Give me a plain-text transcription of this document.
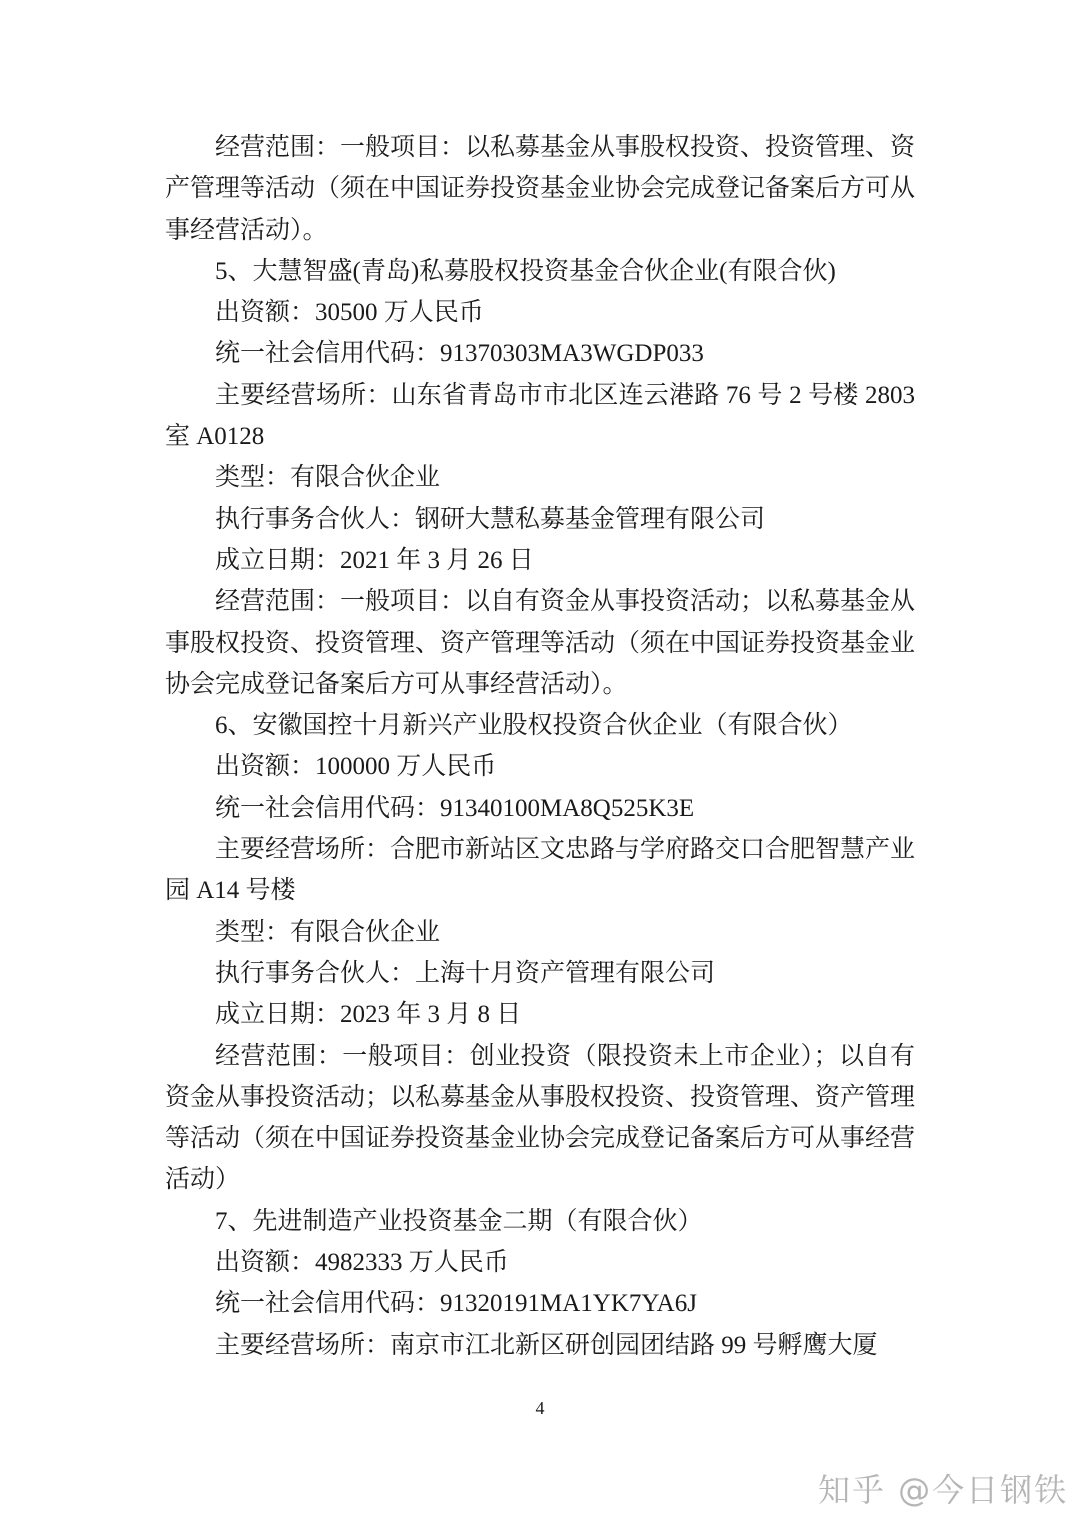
经营范围：一般项目：以私募基金从事股权投资、投资管理、资
产管理等活动（须在中国证券投资基金业协会完成登记备案后方可从
事经营活动）。
5、大慧智盛(青岛)私募股权投资基金合伙企业(有限合伙)
出资额：30500 万人民币
统一社会信用代码：91370303MA3WGDP033
主要经营场所：山东省青岛市市北区连云港路 76 号 2 号楼 2803
室 A0128
类型：有限合伙企业
执行事务合伙人：钢研大慧私募基金管理有限公司
成立日期：2021 年 3 月 26 日
经营范围：一般项目：以自有资金从事投资活动；以私募基金从
事股权投资、投资管理、资产管理等活动（须在中国证券投资基金业
协会完成登记备案后方可从事经营活动）。
6、安徽国控十月新兴产业股权投资合伙企业（有限合伙）
出资额：100000 万人民币
统一社会信用代码：91340100MA8Q525K3E
主要经营场所：合肥市新站区文忠路与学府路交口合肥智慧产业
园 A14 号楼
类型：有限合伙企业
执行事务合伙人：上海十月资产管理有限公司
成立日期：2023 年 3 月 8 日
经营范围：一般项目：创业投资（限投资未上市企业）；以自有
资金从事投资活动；以私募基金从事股权投资、投资管理、资产管理
等活动（须在中国证券投资基金业协会完成登记备案后方可从事经营
活动）
7、先进制造产业投资基金二期（有限合伙）
出资额：4982333 万人民币
统一社会信用代码：91320191MA1YK7YA6J
主要经营场所：南京市江北新区研创园团结路 99 号孵鹰大厦
4
知乎 @今日钢铁
